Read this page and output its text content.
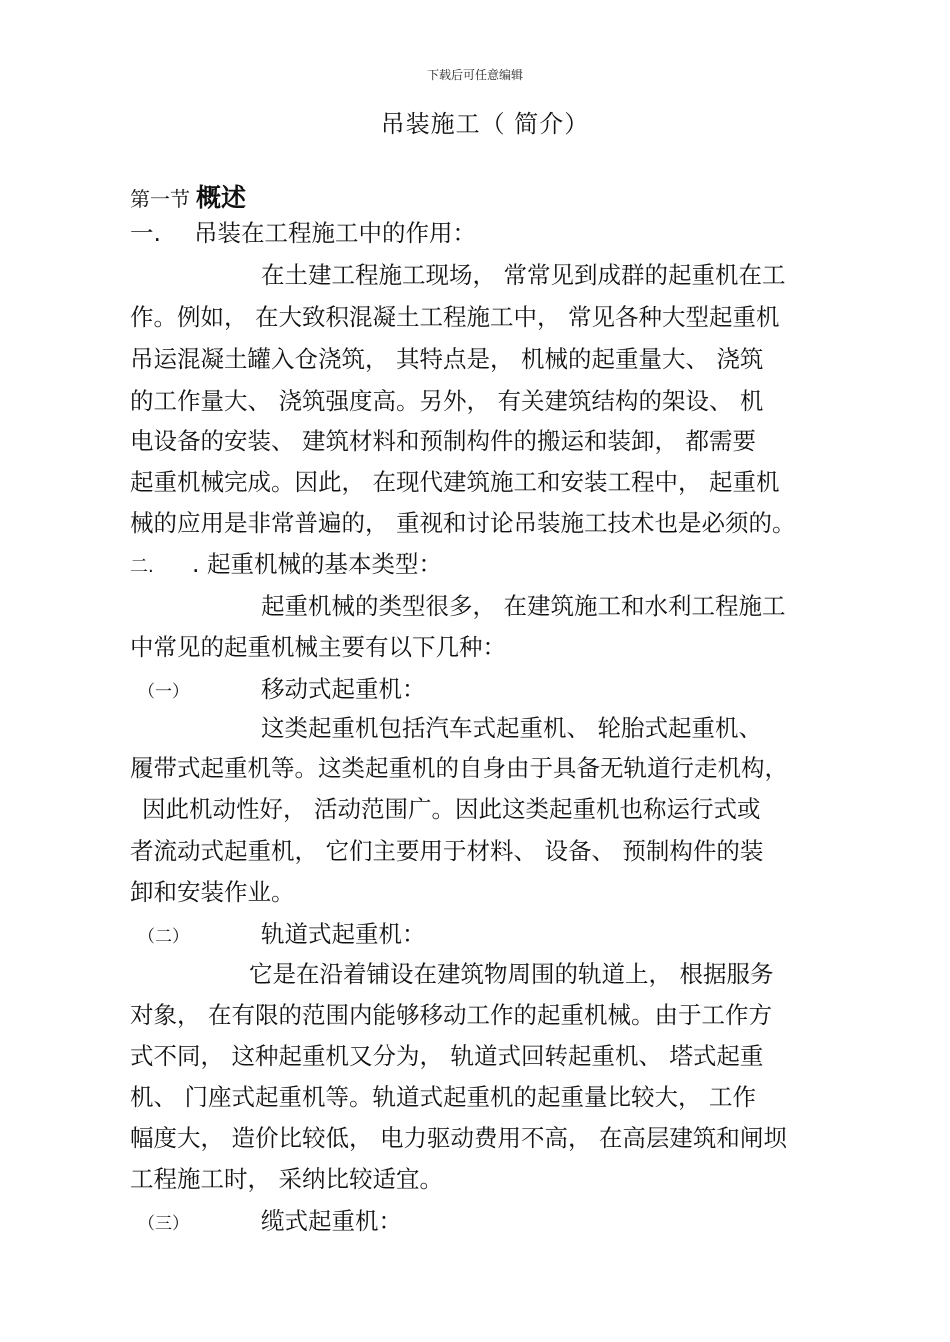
下载后可任意编辑
吊装施工（ 简介）
第一节 概述
一. 吊装在工程施工中的作用：
在土建工程施工现场， 常常见到成群的起重机在工
作。例如， 在大致积混凝土工程施工中， 常见各种大型起重机
吊运混凝土罐入仓浇筑， 其特点是， 机械的起重量大、 浇筑
的工作量大、 浇筑强度高。另外， 有关建筑结构的架设、 机
电设备的安装、 建筑材料和预制构件的搬运和装卸， 都需要
起重机械完成。因此， 在现代建筑施工和安装工程中， 起重机
械的应用是非常普遍的， 重视和讨论吊装施工技术也是必须的。
二. . 起重机械的基本类型：
起重机械的类型很多， 在建筑施工和水利工程施工
中常见的起重机械主要有以下几种：
（一）	移动式起重机：
这类起重机包括汽车式起重机、 轮胎式起重机、
履带式起重机等。这类起重机的自身由于具备无轨道行走机构，
因此机动性好， 活动范围广。因此这类起重机也称运行式或
者流动式起重机， 它们主要用于材料、 设备、 预制构件的装
卸和安装作业。
（二）	轨道式起重机：
它是在沿着铺设在建筑物周围的轨道上， 根据服务
对象， 在有限的范围内能够移动工作的起重机械。由于工作方
式不同， 这种起重机又分为， 轨道式回转起重机、 塔式起重
机、 门座式起重机等。轨道式起重机的起重量比较大， 工作
幅度大， 造价比较低， 电力驱动费用不高， 在高层建筑和闸坝
工程施工时， 采纳比较适宜。
（三）	缆式起重机：
